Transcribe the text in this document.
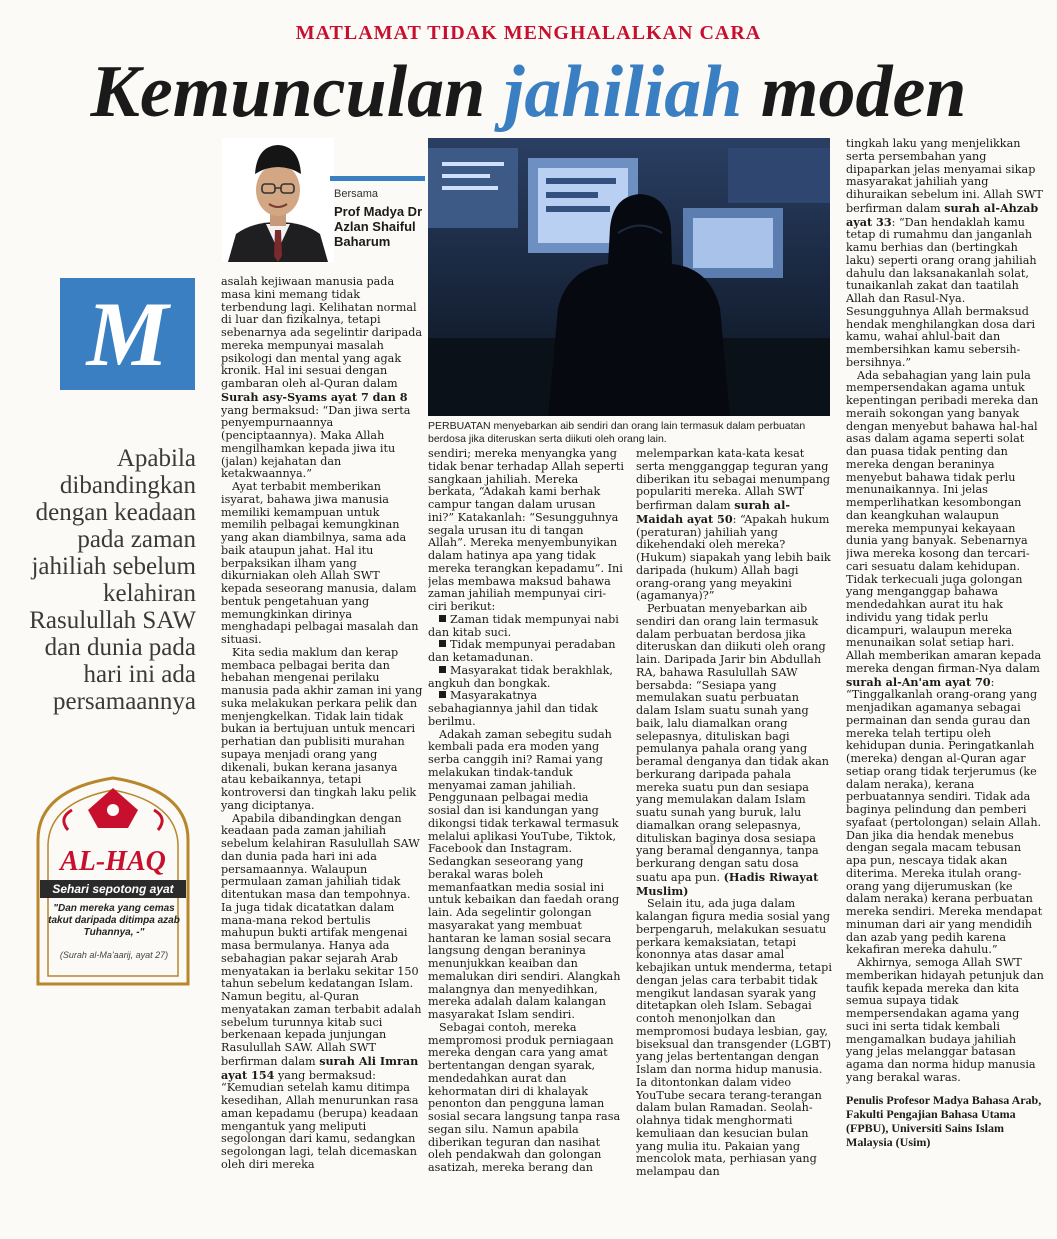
MATLAMAT TIDAK MENGHALALKAN CARA
Kemunculan jahiliah moden
Bersama
Prof Madya Dr Azlan Shaiful Baharum
M
Apabila dibandingkan dengan keadaan pada zaman jahiliah sebelum kelahiran Rasulullah SAW dan dunia pada hari ini ada persamaannya
AL-HAQ
Sehari sepotong ayat
"Dan mereka yang cemas takut daripada ditimpa azab Tuhannya, -"
(Surah al-Ma'aarij, ayat 27)
PERBUATAN menyebarkan aib sendiri dan orang lain termasuk dalam perbuatan berdosa jika diteruskan serta diikuti oleh orang lain.

asalah kejiwaan manusia pada masa kini memang tidak terbendung lagi. Kelihatan normal di luar dan fizikalnya, tetapi sebenarnya ada segelintir daripada mereka mempunyai masalah psikologi dan mental yang agak kronik. Hal ini sesuai dengan gambaran oleh al-Quran dalam Surah asy-Syams ayat 7 dan 8 yang bermaksud: “Dan jiwa serta penyempurnaannya (penciptaannya). Maka Allah mengilhamkan kepada jiwa itu (jalan) kejahatan dan ketakwaannya.”

Ayat terbabit memberikan isyarat, bahawa jiwa manusia memiliki kemampuan untuk memilih pelbagai kemungkinan yang akan diambilnya, sama ada baik ataupun jahat. Hal itu berpaksikan ilham yang dikurniakan oleh Allah SWT kepada seseorang manusia, dalam bentuk pengetahuan yang memungkinkan dirinya menghadapi pelbagai masalah dan situasi.

Kita sedia maklum dan kerap membaca pelbagai berita dan hebahan mengenai perilaku manusia pada akhir zaman ini yang suka melakukan perkara pelik dan menjengkelkan. Tidak lain tidak bukan ia bertujuan untuk mencari perhatian dan publisiti murahan supaya menjadi orang yang dikenali, bukan kerana jasanya atau kebaikannya, tetapi kontroversi dan tingkah laku pelik yang diciptanya.

Apabila dibandingkan dengan keadaan pada zaman jahiliah sebelum kelahiran Rasulullah SAW dan dunia pada hari ini ada persamaannya. Walaupun permulaan zaman jahiliah tidak ditentukan masa dan tempohnya. Ia juga tidak dicatatkan dalam mana-mana rekod bertulis mahupun bukti artifak mengenai masa bermulanya. Hanya ada sebahagian pakar sejarah Arab menyatakan ia berlaku sekitar 150 tahun sebelum kedatangan Islam. Namun begitu, al-Quran menyatakan zaman terbabit adalah sebelum turunnya kitab suci berkenaan kepada junjungan Rasulullah SAW. Allah SWT berfirman dalam surah Ali Imran ayat 154 yang bermaksud: “Kemudian setelah kamu ditimpa kesedihan, Allah menurunkan rasa aman kepadamu (berupa) keadaan mengantuk yang meliputi segolongan dari kamu, sedangkan segolongan lagi, telah dicemaskan oleh diri mereka

sendiri; mereka menyangka yang tidak benar terhadap Allah seperti sangkaan jahiliah. Mereka berkata, “Adakah kami berhak campur tangan dalam urusan ini?” Katakanlah: “Sesungguhnya segala urusan itu di tangan Allah”. Mereka menyembunyikan dalam hatinya apa yang tidak mereka terangkan kepadamu”. Ini jelas membawa maksud bahawa zaman jahiliah mempunyai ciri-ciri berikut:

Zaman tidak mempunyai nabi dan kitab suci.

Tidak mempunyai peradaban dan ketamadunan.

Masyarakat tidak berakhlak, angkuh dan bongkak.

Masyarakatnya sebahagiannya jahil dan tidak berilmu.

Adakah zaman sebegitu sudah kembali pada era moden yang serba canggih ini? Ramai yang melakukan tindak-tanduk menyamai zaman jahiliah. Penggunaan pelbagai media sosial dan isi kandungan yang dikongsi tidak terkawal termasuk melalui aplikasi YouTube, Tiktok, Facebook dan Instagram. Sedangkan seseorang yang berakal waras boleh memanfaatkan media sosial ini untuk kebaikan dan faedah orang lain. Ada segelintir golongan masyarakat yang membuat hantaran ke laman sosial secara langsung dengan beraninya menunjukkan keaiban dan memalukan diri sendiri. Alangkah malangnya dan menyedihkan, mereka adalah dalam kalangan masyarakat Islam sendiri.

Sebagai contoh, mereka mempromosi produk perniagaan mereka dengan cara yang amat bertentangan dengan syarak, mendedahkan aurat dan kehormatan diri di khalayak penonton dan pengguna laman sosial secara langsung tanpa rasa segan silu. Namun apabila diberikan teguran dan nasihat oleh pendakwah dan golongan asatizah, mereka berang dan

melemparkan kata-kata kesat serta mengganggap teguran yang diberikan itu sebagai menumpang populariti mereka. Allah SWT berfirman dalam surah al-Maidah ayat 50: “Apakah hukum (peraturan) jahiliah yang dikehendaki oleh mereka? (Hukum) siapakah yang lebih baik daripada (hukum) Allah bagi orang-orang yang meyakini (agamanya)?”

Perbuatan menyebarkan aib sendiri dan orang lain termasuk dalam perbuatan berdosa jika diteruskan dan diikuti oleh orang lain. Daripada Jarir bin Abdullah RA, bahawa Rasulullah SAW bersabda: “Sesiapa yang memulakan suatu perbuatan dalam Islam suatu sunah yang baik, lalu diamalkan orang selepasnya, dituliskan bagi pemulanya pahala orang yang beramal denganya dan tidak akan berkurang daripada pahala mereka suatu pun dan sesiapa yang memulakan dalam Islam suatu sunah yang buruk, lalu diamalkan orang selepasnya, dituliskan baginya dosa sesiapa yang beramal dengannya, tanpa berkurang dengan satu dosa suatu apa pun. (Hadis Riwayat Muslim)

Selain itu, ada juga dalam kalangan figura media sosial yang berpengaruh, melakukan sesuatu perkara kemaksiatan, tetapi kononnya atas dasar amal kebajikan untuk menderma, tetapi dengan jelas cara terbabit tidak mengikut landasan syarak yang ditetapkan oleh Islam. Sebagai contoh menonjolkan dan mempromosi budaya lesbian, gay, biseksual dan transgender (LGBT) yang jelas bertentangan dengan Islam dan norma hidup manusia. Ia ditontonkan dalam video YouTube secara terang-terangan dalam bulan Ramadan. Seolah-olahnya tidak menghormati kemuliaan dan kesucian bulan yang mulia itu. Pakaian yang mencolok mata, perhiasan yang melampau dan

tingkah laku yang menjelikkan serta persembahan yang dipaparkan jelas menyamai sikap masyarakat jahiliah yang dihuraikan sebelum ini. Allah SWT berfirman dalam surah al-Ahzab ayat 33: “Dan hendaklah kamu tetap di rumahmu dan janganlah kamu berhias dan (bertingkah laku) seperti orang orang jahiliah dahulu dan laksanakanlah solat, tunaikanlah zakat dan taatilah Allah dan Rasul-Nya. Sesungguhnya Allah bermaksud hendak menghilangkan dosa dari kamu, wahai ahlul-bait dan membersihkan kamu sebersih-bersihnya.”

Ada sebahagian yang lain pula mempersendakan agama untuk kepentingan peribadi mereka dan meraih sokongan yang banyak dengan menyebut bahawa hal-hal asas dalam agama seperti solat dan puasa tidak penting dan mereka dengan beraninya menyebut bahawa tidak perlu menunaikannya. Ini jelas memperlihatkan kesombongan dan keangkuhan walaupun mereka mempunyai kekayaan dunia yang banyak. Sebenarnya jiwa mereka kosong dan tercari-cari sesuatu dalam kehidupan. Tidak terkecuali juga golongan yang menganggap bahawa mendedahkan aurat itu hak individu yang tidak perlu dicampuri, walaupun mereka menunaikan solat setiap hari. Allah memberikan amaran kepada mereka dengan firman-Nya dalam surah al-An'am ayat 70: “Tinggalkanlah orang-orang yang menjadikan agamanya sebagai permainan dan senda gurau dan mereka telah tertipu oleh kehidupan dunia. Peringatkanlah (mereka) dengan al-Quran agar setiap orang tidak terjerumus (ke dalam neraka), kerana perbuatannya sendiri. Tidak ada baginya pelindung dan pemberi syafaat (pertolongan) selain Allah. Dan jika dia hendak menebus dengan segala macam tebusan apa pun, nescaya tidak akan diterima. Mereka itulah orang-orang yang dijerumuskan (ke dalam neraka) kerana perbuatan mereka sendiri. Mereka mendapat minuman dari air yang mendidih dan azab yang pedih karena kekafiran mereka dahulu.”

Akhirnya, semoga Allah SWT memberikan hidayah petunjuk dan taufik kepada mereka dan kita semua supaya tidak mempersendakan agama yang suci ini serta tidak kembali mengamalkan budaya jahiliah yang jelas melanggar batasan agama dan norma hidup manusia yang berakal waras.

Penulis Profesor Madya Bahasa Arab, Fakulti Pengajian Bahasa Utama (FPBU), Universiti Sains Islam Malaysia (Usim)
